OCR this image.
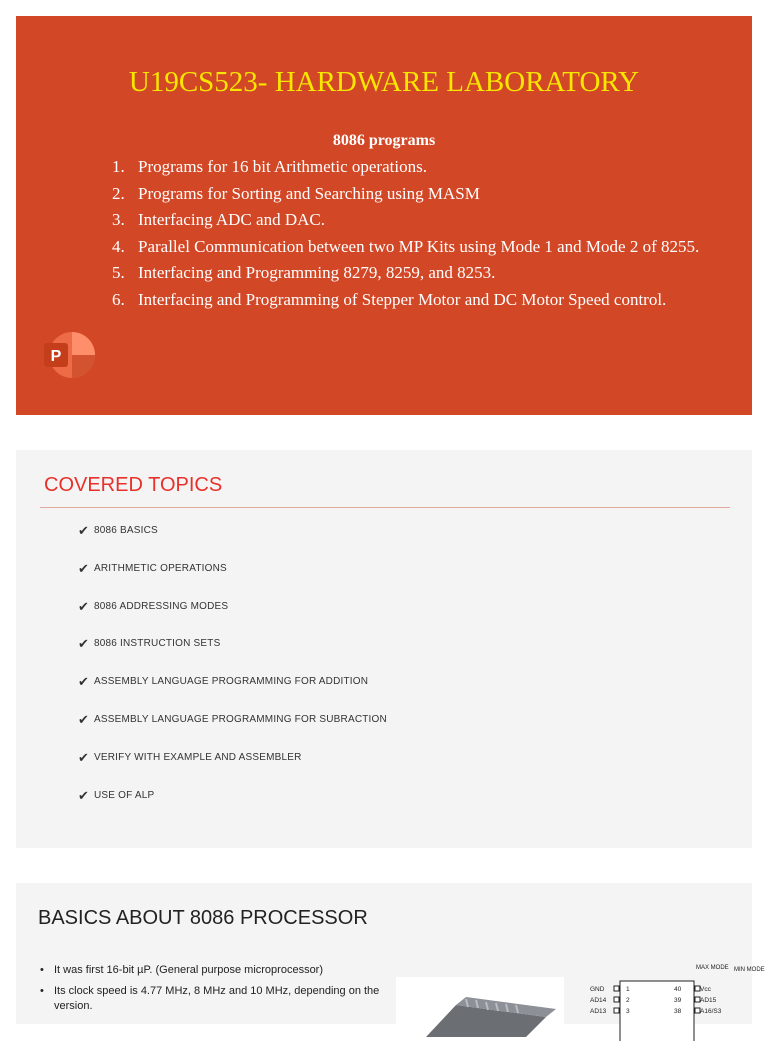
U19CS523- HARDWARE LABORATORY
8086 programs
1. Programs for 16 bit Arithmetic operations.
2. Programs for Sorting and Searching using MASM
3. Interfacing ADC and DAC.
4. Parallel Communication between two MP Kits using Mode 1 and Mode 2 of 8255.
5. Interfacing and Programming 8279, 8259, and 8253.
6. Interfacing and Programming of Stepper Motor and DC Motor Speed control.
P
COVERED TOPICS
✔ 8086 BASICS
✔ ARITHMETIC OPERATIONS
✔ 8086 ADDRESSING MODES
✔ 8086 INSTRUCTION SETS
✔ ASSEMBLY LANGUAGE PROGRAMMING FOR ADDITION
✔ ASSEMBLY LANGUAGE PROGRAMMING FOR SUBRACTION
✔ VERIFY WITH EXAMPLE AND ASSEMBLER
✔ USE OF ALP
BASICS ABOUT 8086 PROCESSOR
• It was first 16-bit µP. (General purpose microprocessor)
• Its clock speed is 4.77 MHz, 8 MHz and 10 MHz, depending on the version.
MAX MODE MIN MODE
GND
AD14
AD13
1
2
3
40
39
38
Vcc
AD15
A16/S3
